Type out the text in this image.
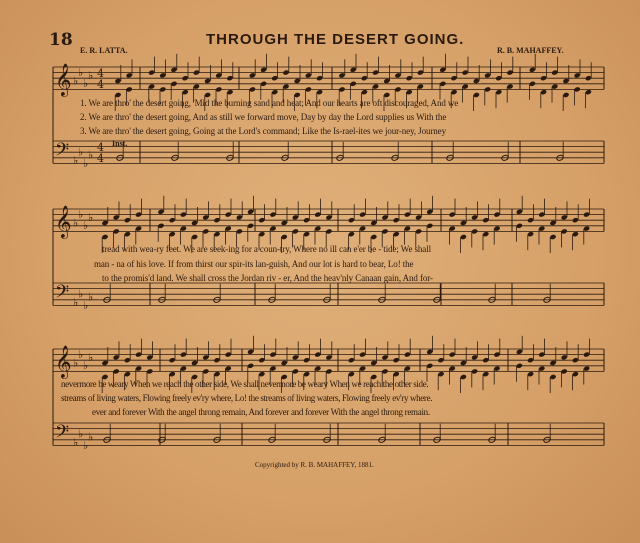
18	THROUGH THE DESERT GOING.
E. R. LATTA.	R. B. MAHAFFEY.
𝄞
𝄢
♭
♭
♭
♭
♭
♭
♭
♭
4
4
4
4
𝄞
𝄢
♭
♭
♭
♭
♭
♭
♭
♭
𝄞
𝄢
♭
♭
♭
♭
♭
♭
♭
♭
Inst.
1. We are thro' the desert going, 'Mid the burning sand and heat; And our hearts are oft discouraged, And we
2. We are thro' the desert going, And as still we forward move, Day by day the Lord supplies us With the
3. We are thro' the desert going, Going at the Lord's command; Like the Is-rael-ites we jour-ney, Journey
tread with wea-ry feet. We are seek-ing for a coun-try, Where no ill can e'er be - tide; We shall
man - na of his love. If from thirst our spir-its lan-guish, And our lot is hard to bear, Lo! the
to the promis'd land. We shall cross the Jordan riv - er, And the heav'nly Canaan gain, And for-
nevermore be weary When we reach the other side, We shall nevermore be weary When we reach the other side.
streams of living waters, Flowing freely ev'ry where, Lo! the streams of living waters, Flowing freely ev'ry where.
ever and forever With the angel throng remain, And forever and forever With the angel throng remain.
Copyrighted by R. B. MAHAFFEY, 1881.
